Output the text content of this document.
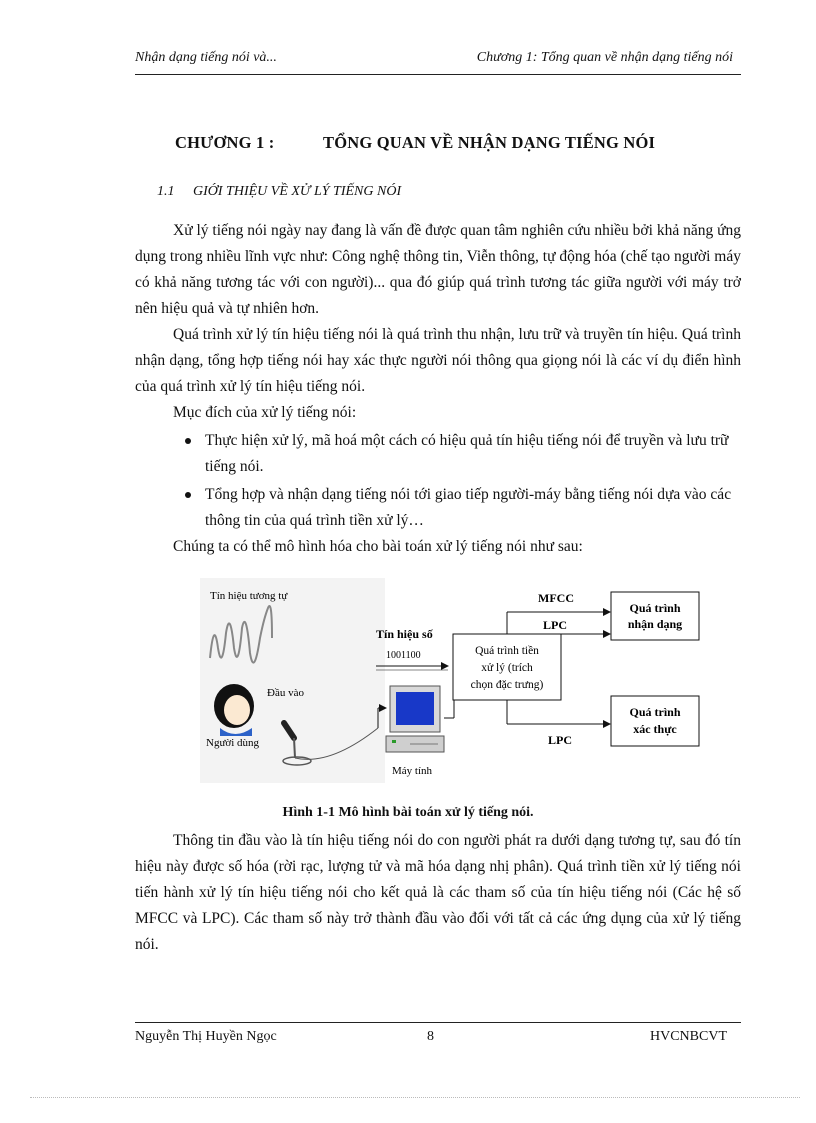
Nhận dạng tiếng nói và...	Chương 1: Tổng quan về nhận dạng tiếng nói
CHƯƠNG 1 :	TỔNG QUAN VỀ NHẬN DẠNG TIẾNG NÓI
1.1 GIỚI THIỆU VỀ XỬ LÝ TIẾNG NÓI

Xử lý tiếng nói ngày nay đang là vấn đề được quan tâm nghiên cứu nhiều bởi khả năng ứng dụng trong nhiều lĩnh vực như: Công nghệ thông tin, Viễn thông, tự động hóa (chế tạo người máy có khả năng tương tác với con người)... qua đó giúp quá trình tương tác giữa người với máy trở nên hiệu quả và tự nhiên hơn.

Quá trình xử lý tín hiệu tiếng nói là quá trình thu nhận, lưu trữ và truyền tín hiệu. Quá trình nhận dạng, tổng hợp tiếng nói hay xác thực người nói thông qua giọng nói là các ví dụ điển hình của quá trình xử lý tín hiệu tiếng nói.

Mục đích của xử lý tiếng nói:
Thực hiện xử lý, mã hoá một cách có hiệu quả tín hiệu tiếng nói để truyền và lưu trữ tiếng nói.
Tổng hợp và nhận dạng tiếng nói tới giao tiếp người-máy bằng tiếng nói dựa vào các thông tin của quá trình tiền xử lý…
Chúng ta có thể mô hình hóa cho bài toán xử lý tiếng nói như sau:
Tín hiệu tương tự
Đầu vào
Người dùng
Tín hiệu số
1001100
Máy tính
Quá trình tiền
xử lý (trích
chọn đặc trưng)
MFCC
LPC
Quá trình
nhận dạng
LPC
Quá trình
xác thực
Hình 1-1 Mô hình bài toán xử lý tiếng nói.

Thông tin đầu vào là tín hiệu tiếng nói do con người phát ra dưới dạng tương tự, sau đó tín hiệu này được số hóa (rời rạc, lượng tử và mã hóa dạng nhị phân). Quá trình tiền xử lý tiếng nói tiến hành xử lý tín hiệu tiếng nói cho kết quả là các tham số của tín hiệu tiếng nói (Các hệ số MFCC và LPC). Các tham số này trở thành đầu vào đối với tất cả các ứng dụng của xử lý tiếng nói.

Nguyễn Thị Huyền Ngọc	8	HVCNBCVT
